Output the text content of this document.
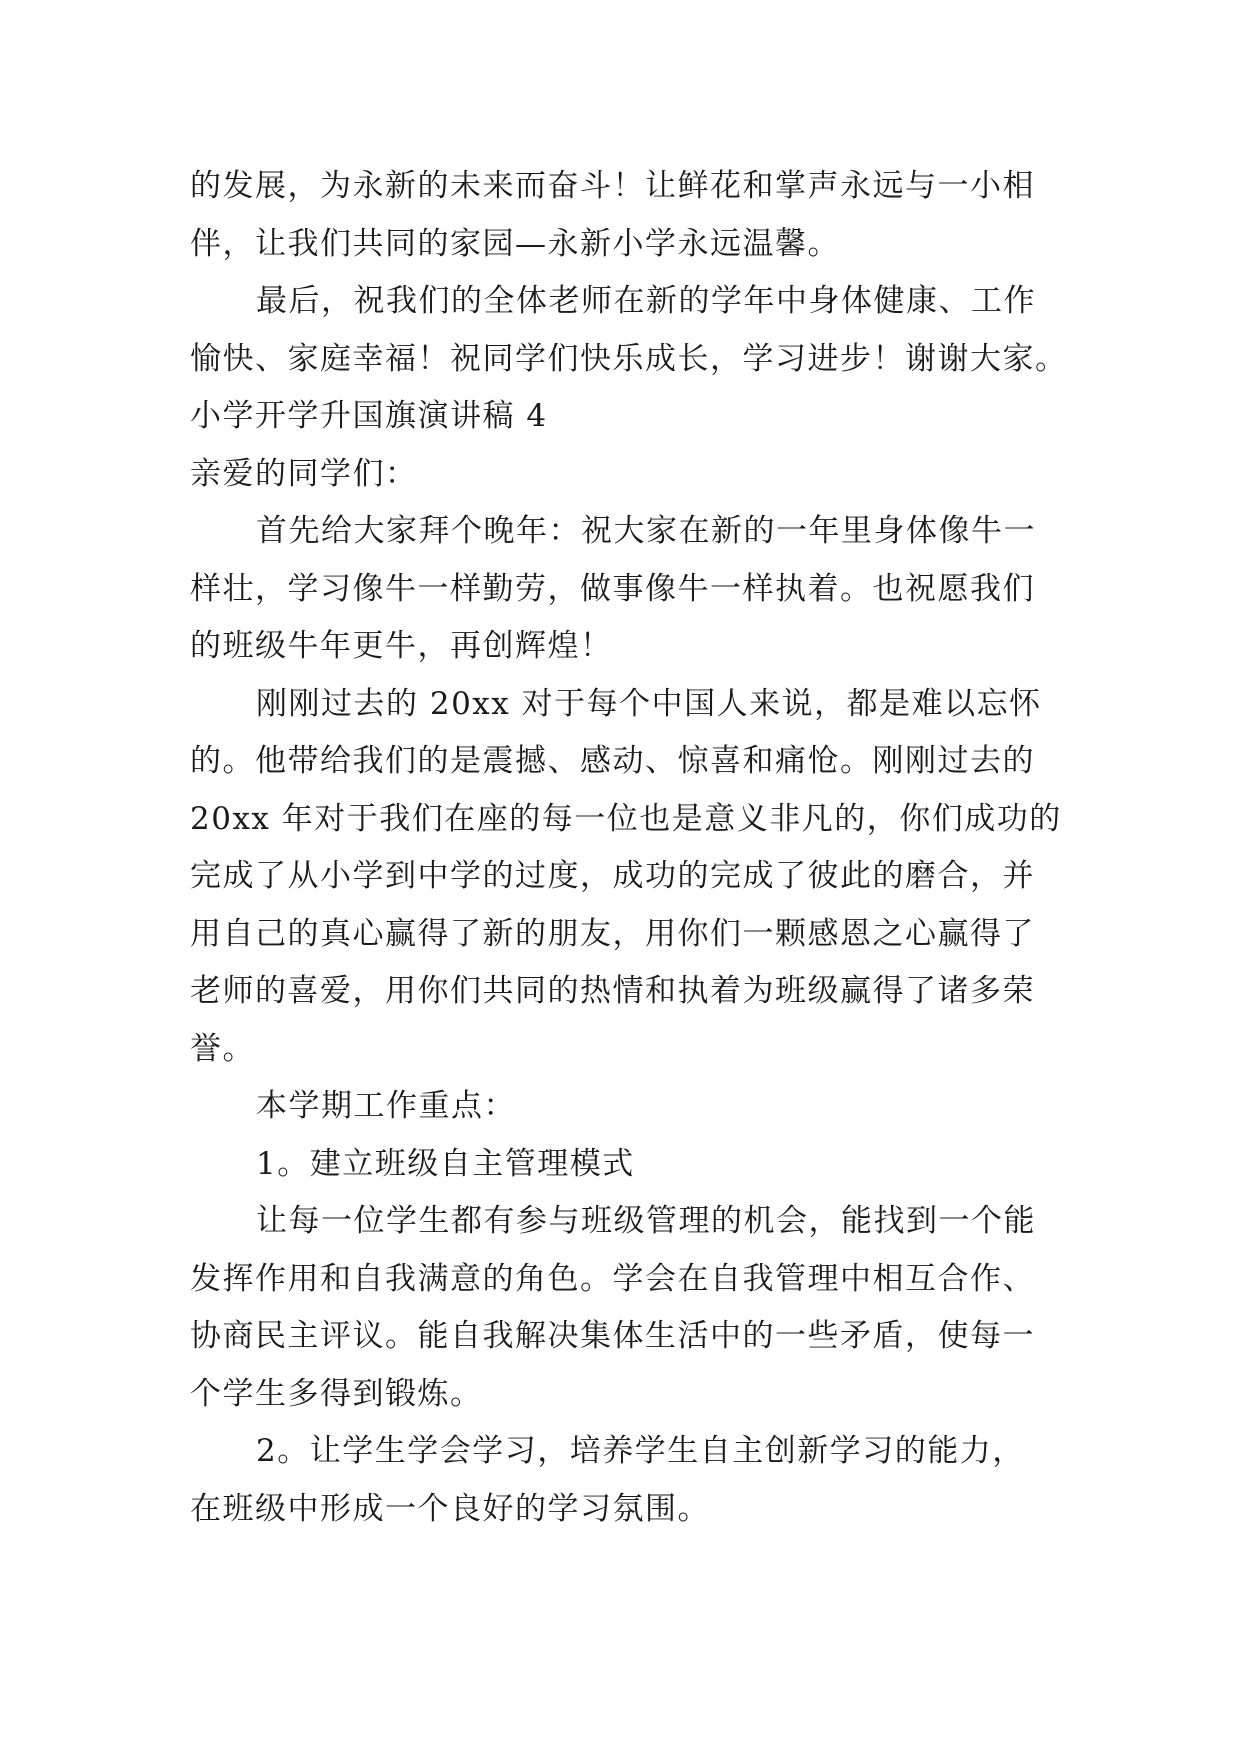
的发展，为永新的未来而奋斗！让鲜花和掌声永远与一小相
伴，让我们共同的家园—永新小学永远温馨。
最后，祝我们的全体老师在新的学年中身体健康、工作
愉快、家庭幸福！祝同学们快乐成长，学习进步！谢谢大家。
小学开学升国旗演讲稿 4
亲爱的同学们：
首先给大家拜个晚年：祝大家在新的一年里身体像牛一
样壮，学习像牛一样勤劳，做事像牛一样执着。也祝愿我们
的班级牛年更牛，再创辉煌！
刚刚过去的 20xx 对于每个中国人来说，都是难以忘怀
的。他带给我们的是震撼、感动、惊喜和痛怆。刚刚过去的
20xx 年对于我们在座的每一位也是意义非凡的，你们成功的
完成了从小学到中学的过度，成功的完成了彼此的磨合，并
用自己的真心赢得了新的朋友，用你们一颗感恩之心赢得了
老师的喜爱，用你们共同的热情和执着为班级赢得了诸多荣
誉。
本学期工作重点：
1。建立班级自主管理模式
让每一位学生都有参与班级管理的机会，能找到一个能
发挥作用和自我满意的角色。学会在自我管理中相互合作、
协商民主评议。能自我解决集体生活中的一些矛盾，使每一
个学生多得到锻炼。
2。让学生学会学习，培养学生自主创新学习的能力，
在班级中形成一个良好的学习氛围。
